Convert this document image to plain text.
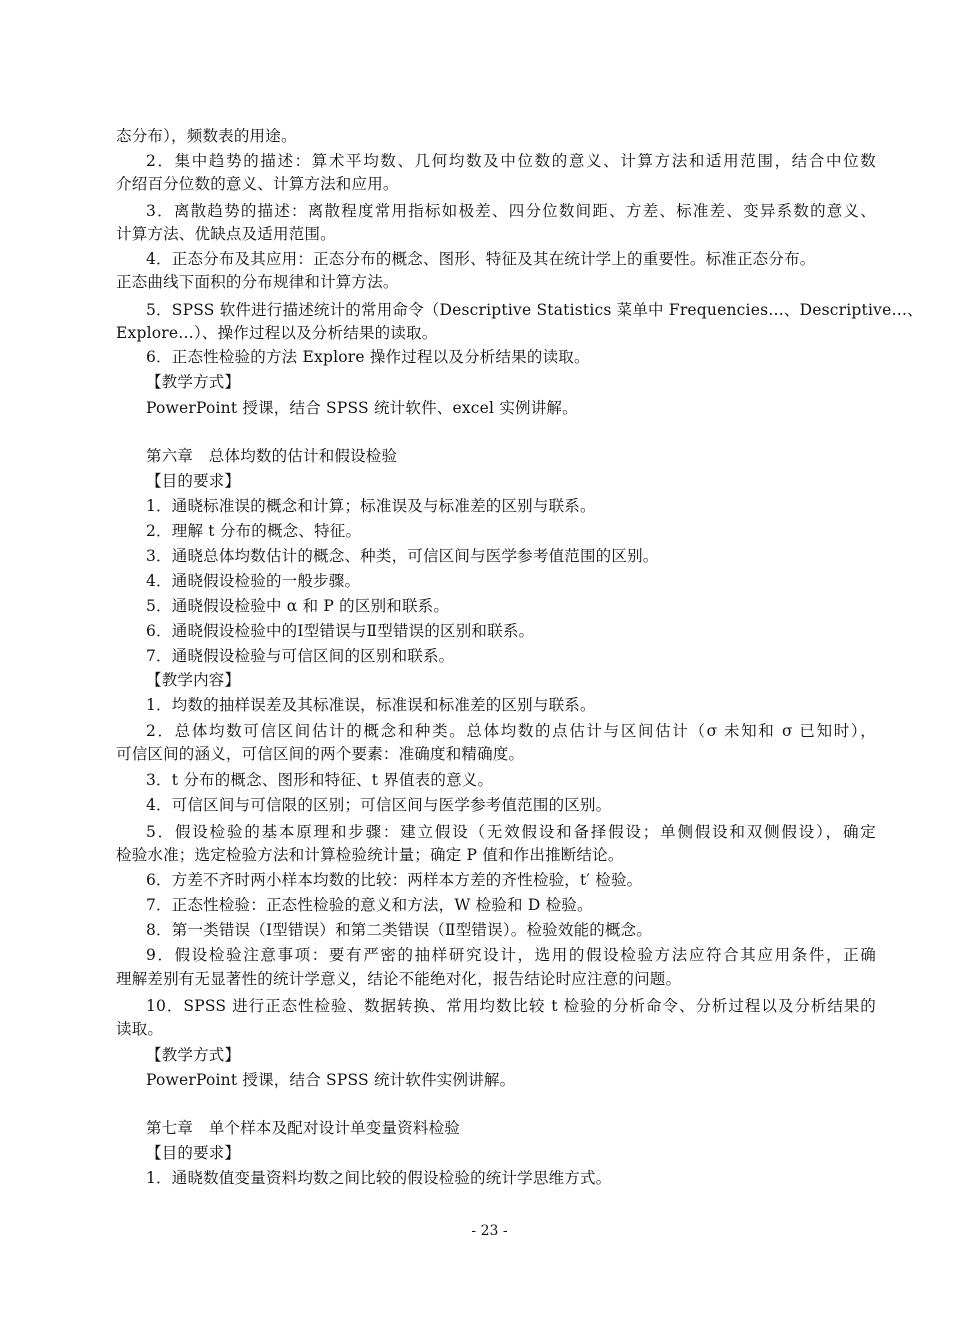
态分布），频数表的用途。
2．集中趋势的描述：算术平均数、几何均数及中位数的意义、计算方法和适用范围，结合中位数
介绍百分位数的意义、计算方法和应用。
3．离散趋势的描述：离散程度常用指标如极差、四分位数间距、方差、标准差、变异系数的意义、
计算方法、优缺点及适用范围。
4．正态分布及其应用：正态分布的概念、图形、特征及其在统计学上的重要性。标准正态分布。
正态曲线下面积的分布规律和计算方法。
5．SPSS 软件进行描述统计的常用命令（Descriptive Statistics 菜单中 Frequencies…、Descriptive…、
Explore…）、操作过程以及分析结果的读取。
6．正态性检验的方法 Explore 操作过程以及分析结果的读取。
【教学方式】
PowerPoint 授课，结合 SPSS 统计软件、excel 实例讲解。
第六章　总体均数的估计和假设检验
【目的要求】
1．通晓标准误的概念和计算；标准误及与标准差的区别与联系。
2．理解 t 分布的概念、特征。
3．通晓总体均数估计的概念、种类，可信区间与医学参考值范围的区别。
4．通晓假设检验的一般步骤。
5．通晓假设检验中 α 和 P 的区别和联系。
6．通晓假设检验中的Ⅰ型错误与Ⅱ型错误的区别和联系。
7．通晓假设检验与可信区间的区别和联系。
【教学内容】
1．均数的抽样误差及其标准误，标准误和标准差的区别与联系。
2．总体均数可信区间估计的概念和种类。总体均数的点估计与区间估计（σ 未知和 σ 已知时），
可信区间的涵义，可信区间的两个要素：准确度和精确度。
3．t 分布的概念、图形和特征、t 界值表的意义。
4．可信区间与可信限的区别；可信区间与医学参考值范围的区别。
5．假设检验的基本原理和步骤：建立假设（无效假设和备择假设；单侧假设和双侧假设），确定
检验水准；选定检验方法和计算检验统计量；确定 P 值和作出推断结论。
6．方差不齐时两小样本均数的比较：两样本方差的齐性检验，t′ 检验。
7．正态性检验：正态性检验的意义和方法，W 检验和 D 检验。
8．第一类错误（Ⅰ型错误）和第二类错误（Ⅱ型错误）。检验效能的概念。
9．假设检验注意事项：要有严密的抽样研究设计，选用的假设检验方法应符合其应用条件，正确
理解差别有无显著性的统计学意义，结论不能绝对化，报告结论时应注意的问题。
10．SPSS 进行正态性检验、数据转换、常用均数比较 t 检验的分析命令、分析过程以及分析结果的
读取。
【教学方式】
PowerPoint 授课，结合 SPSS 统计软件实例讲解。
第七章　单个样本及配对设计单变量资料检验
【目的要求】
1．通晓数值变量资料均数之间比较的假设检验的统计学思维方式。
- 23 -
